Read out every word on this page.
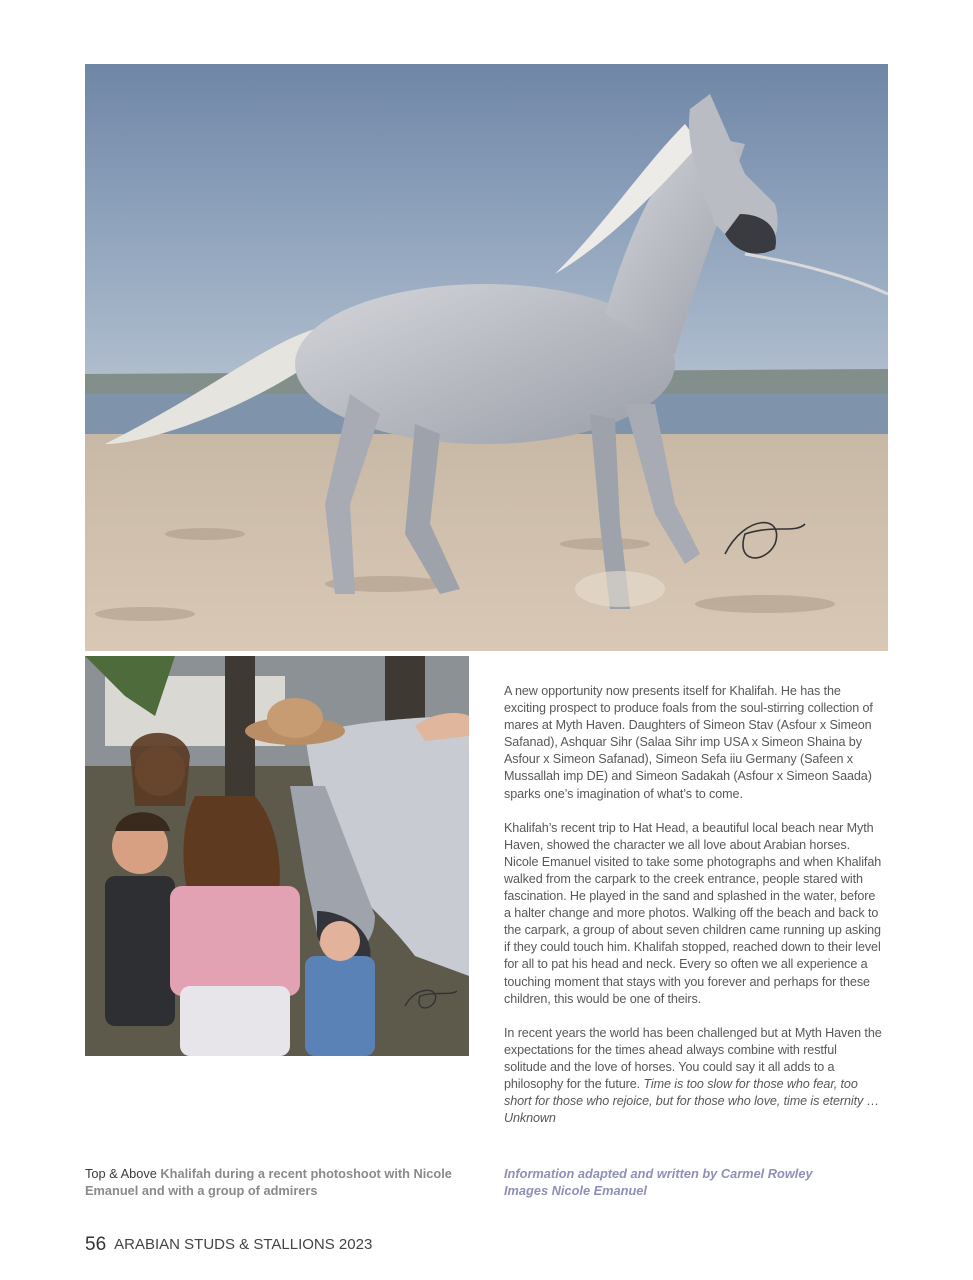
A new opportunity now presents itself for Khalifah. He has the exciting prospect to produce foals from the soul-stirring collection of mares at Myth Haven. Daughters of Simeon Stav (Asfour x Simeon Safanad), Ashquar Sihr (Salaa Sihr imp USA x Simeon Shaina by Asfour x Simeon Safanad), Simeon Sefa iiu Germany (Safeen x Mussallah imp DE) and Simeon Sadakah (Asfour x Simeon Saada) sparks one’s imagination of what’s to come.

Khalifah’s recent trip to Hat Head, a beautiful local beach near Myth Haven, showed the character we all love about Arabian horses. Nicole Emanuel visited to take some photographs and when Khalifah walked from the carpark to the creek entrance, people stared with fascination. He played in the sand and splashed in the water, before a halter change and more photos. Walking off the beach and back to the carpark, a group of about seven children came running up asking if they could touch him. Khalifah stopped, reached down to their level for all to pat his head and neck. Every so often we all experience a touching moment that stays with you forever and perhaps for these children, this would be one of theirs.

In recent years the world has been challenged but at Myth Haven the expectations for the times ahead always combine with restful solitude and the love of horses. You could say it all adds to a philosophy for the future. Time is too slow for those who fear, too short for those who rejoice, but for those who love, time is eternity … Unknown

Top & Above Khalifah during a recent photoshoot with Nicole Emanuel and with a group of admirers
Information adapted and written by Carmel Rowley
Images Nicole Emanuel
56 ARABIAN STUDS & STALLIONS 2023
